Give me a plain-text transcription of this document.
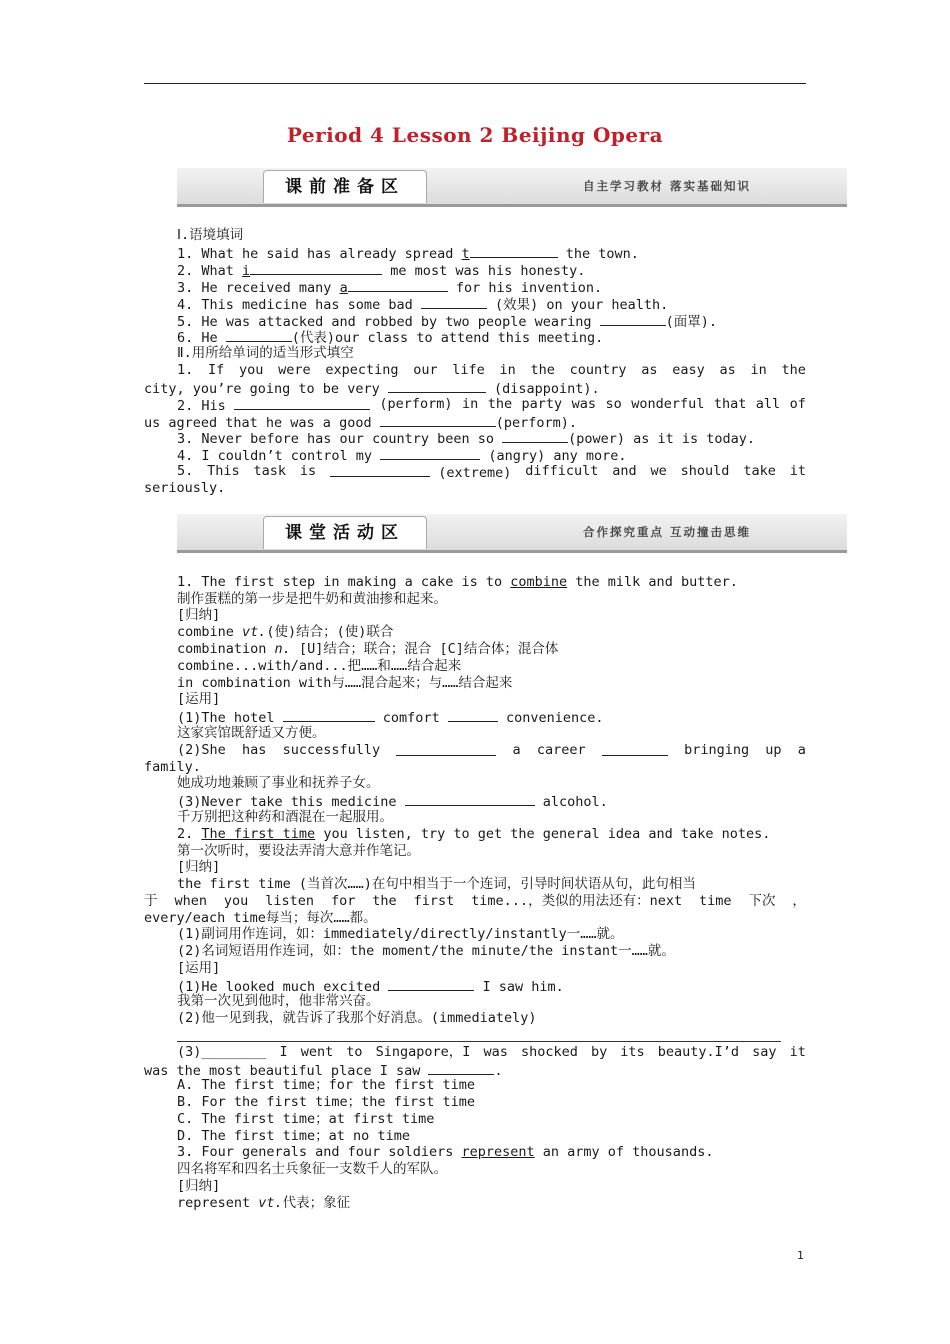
Period 4 Lesson 2 Beijing Opera
课前准备区	自主学习教材 落实基础知识
Ⅰ.语境填词
1. What he said has already spread t	the town.
2. What i	me most was his honesty.
3. He received many a	for his invention.
4. This medicine has some bad	(效果) on your health.
5. He was attacked and robbed by two people wearing	(面罩).
6. He	(代表)our class to attend this meeting.
Ⅱ.用所给单词的适当形式填空
1. If you were expecting our life in the country as easy as in the
city, you’re going to be very	(disappoint).
2. His	(perform) in the party was so wonderful that all of
us agreed that he was a good	(perform).
3. Never before has our country been so	(power) as it is today.
4. I couldn’t control my	(angry) any more.
5. This task is	(extreme) difficult and we should take it
seriously.
课堂活动区	合作探究重点 互动撞击思维
1. The first step in making a cake is to combine the milk and butter.
制作蛋糕的第一步是把牛奶和黄油掺和起来。
[归纳]
combine vt.(使)结合；(使)联合
combination n. [U]结合；联合；混合 [C]结合体；混合体
combine...with/and...把……和……结合起来
in combination with与……混合起来；与……结合起来
[运用]
(1)The hotel	comfort	convenience.
这家宾馆既舒适又方便。
(2)She has successfully	a career	bringing up a
family.
她成功地兼顾了事业和抚养子女。
(3)Never take this medicine	alcohol.
千万别把这种药和酒混在一起服用。
2. The first time you listen, try to get the general idea and take notes.
第一次听时，要设法弄清大意并作笔记。
[归纳]
the first time (当首次……)在句中相当于一个连词，引导时间状语从句，此句相当
于 when you listen for the first time...，类似的用法还有：next time 下次 ，
every/each time每当；每次……都。
(1)副词用作连词，如：immediately/directly/instantly一……就。
(2)名词短语用作连词，如：the moment/the minute/the instant一……就。
[运用]
(1)He looked much excited	I saw him.
我第一次见到他时，他非常兴奋。
(2)他一见到我，就告诉了我那个好消息。(immediately)
(3)________ I went to Singapore，I was shocked by its beauty.I’d say it
was the most beautiful place I saw	.
A. The first time；for the first time
B. For the first time；the first time
C. The first time；at first time
D. The first time；at no time
3. Four generals and four soldiers represent an army of thousands.
四名将军和四名士兵象征一支数千人的军队。
[归纳]
represent vt.代表；象征
1
